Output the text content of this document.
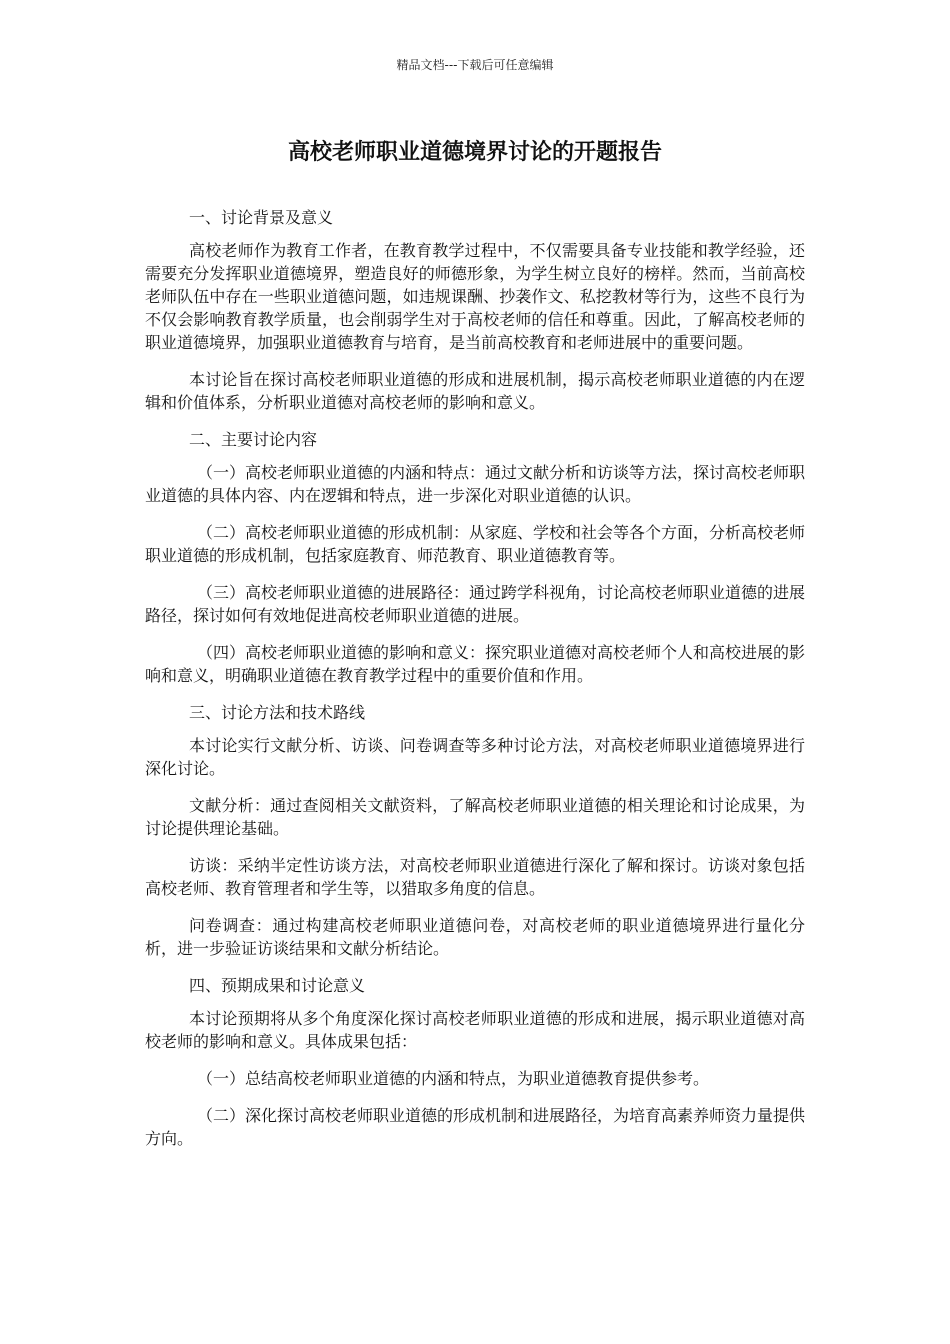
精品文档---下载后可任意编辑
高校老师职业道德境界讨论的开题报告
一、讨论背景及意义

高校老师作为教育工作者，在教育教学过程中，不仅需要具备专业技能和教学经验，还需要充分发挥职业道德境界，塑造良好的师德形象，为学生树立良好的榜样。然而，当前高校老师队伍中存在一些职业道德问题，如违规课酬、抄袭作文、私挖教材等行为，这些不良行为不仅会影响教育教学质量，也会削弱学生对于高校老师的信任和尊重。因此，了解高校老师的职业道德境界，加强职业道德教育与培育，是当前高校教育和老师进展中的重要问题。

本讨论旨在探讨高校老师职业道德的形成和进展机制，揭示高校老师职业道德的内在逻辑和价值体系，分析职业道德对高校老师的影响和意义。

二、主要讨论内容

（一）高校老师职业道德的内涵和特点：通过文献分析和访谈等方法，探讨高校老师职业道德的具体内容、内在逻辑和特点，进一步深化对职业道德的认识。

（二）高校老师职业道德的形成机制：从家庭、学校和社会等各个方面，分析高校老师职业道德的形成机制，包括家庭教育、师范教育、职业道德教育等。

（三）高校老师职业道德的进展路径：通过跨学科视角，讨论高校老师职业道德的进展路径，探讨如何有效地促进高校老师职业道德的进展。

（四）高校老师职业道德的影响和意义：探究职业道德对高校老师个人和高校进展的影响和意义，明确职业道德在教育教学过程中的重要价值和作用。

三、讨论方法和技术路线

本讨论实行文献分析、访谈、问卷调查等多种讨论方法，对高校老师职业道德境界进行深化讨论。

文献分析：通过查阅相关文献资料，了解高校老师职业道德的相关理论和讨论成果，为讨论提供理论基础。

访谈：采纳半定性访谈方法，对高校老师职业道德进行深化了解和探讨。访谈对象包括高校老师、教育管理者和学生等，以猎取多角度的信息。

问卷调查：通过构建高校老师职业道德问卷，对高校老师的职业道德境界进行量化分析，进一步验证访谈结果和文献分析结论。

四、预期成果和讨论意义

本讨论预期将从多个角度深化探讨高校老师职业道德的形成和进展，揭示职业道德对高校老师的影响和意义。具体成果包括：

（一）总结高校老师职业道德的内涵和特点，为职业道德教育提供参考。

（二）深化探讨高校老师职业道德的形成机制和进展路径，为培育高素养师资力量提供方向。
